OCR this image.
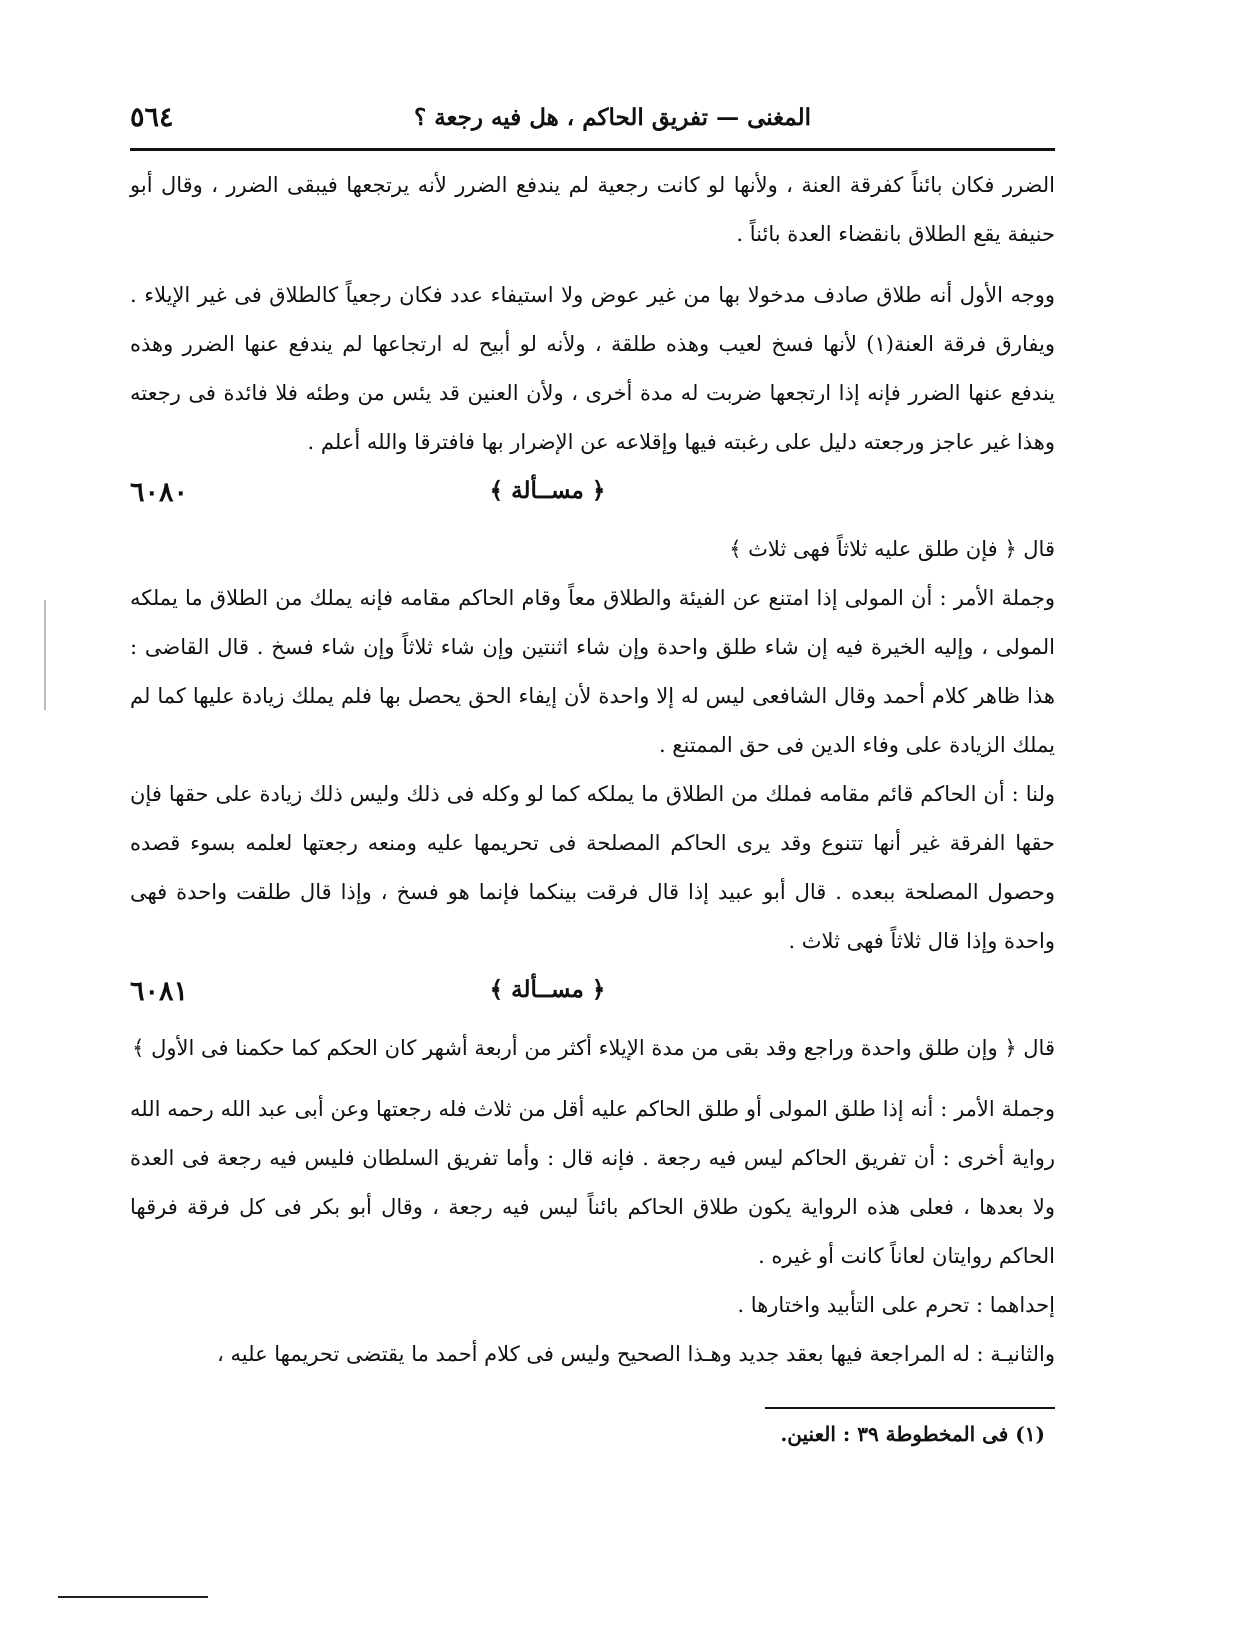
٥٦٤	المغنى — تفريق الحاكم ، هل فيه رجعة ؟

الضرر فكان بائناً كفرقة العنة ، ولأنها لو كانت رجعية لم يندفع الضرر لأنه يرتجعها فيبقى الضرر ، وقال أبو حنيفة يقع الطلاق بانقضاء العدة بائناً .

ووجه الأول أنه طلاق صادف مدخولا بها من غير عوض ولا استيفاء عدد فكان رجعياً كالطلاق فى غير الإيلاء . ويفارق فرقة العنة(١) لأنها فسخ لعيب وهذه طلقة ، ولأنه لو أبيح له ارتجاعها لم يندفع عنها الضرر وهذه يندفع عنها الضرر فإنه إذا ارتجعها ضربت له مدة أخرى ، ولأن العنين قد يئس من وطئه فلا فائدة فى رجعته وهذا غير عاجز ورجعته دليل على رغبته فيها وإقلاعه عن الإضرار بها فافترقا والله أعلم .

٦٠٨٠	﴿ مســألة ﴾

قال ﴿ فإن طلق عليه ثلاثاً فهى ثلاث ﴾

وجملة الأمر : أن المولى إذا امتنع عن الفيئة والطلاق معاً وقام الحاكم مقامه فإنه يملك من الطلاق ما يملكه المولى ، وإليه الخيرة فيه إن شاء طلق واحدة وإن شاء اثنتين وإن شاء ثلاثاً وإن شاء فسخ . قال القاضى : هذا ظاهر كلام أحمد وقال الشافعى ليس له إلا واحدة لأن إيفاء الحق يحصل بها فلم يملك زيادة عليها كما لم يملك الزيادة على وفاء الدين فى حق الممتنع .

ولنا : أن الحاكم قائم مقامه فملك من الطلاق ما يملكه كما لو وكله فى ذلك وليس ذلك زيادة على حقها فإن حقها الفرقة غير أنها تتنوع وقد يرى الحاكم المصلحة فى تحريمها عليه ومنعه رجعتها لعلمه بسوء قصده وحصول المصلحة ببعده . قال أبو عبيد إذا قال فرقت بينكما فإنما هو فسخ ، وإذا قال طلقت واحدة فهى واحدة وإذا قال ثلاثاً فهى ثلاث .

٦٠٨١	﴿ مســألة ﴾

قال ﴿ وإن طلق واحدة وراجع وقد بقى من مدة الإيلاء أكثر من أربعة أشهر كان الحكم كما حكمنا فى الأول ﴾

وجملة الأمر : أنه إذا طلق المولى أو طلق الحاكم عليه أقل من ثلاث فله رجعتها وعن أبى عبد الله رحمه الله رواية أخرى : أن تفريق الحاكم ليس فيه رجعة . فإنه قال : وأما تفريق السلطان فليس فيه رجعة فى العدة ولا بعدها ، فعلى هذه الرواية يكون طلاق الحاكم بائناً ليس فيه رجعة ، وقال أبو بكر فى كل فرقة فرقها الحاكم روايتان لعاناً كانت أو غيره .

إحداهما : تحرم على التأبيد واختارها .

والثانيـة : له المراجعة فيها بعقد جديد وهـذا الصحيح وليس فى كلام أحمد ما يقتضى تحريمها عليه ،

(١) فى المخطوطة ٣٩ : العنين.
